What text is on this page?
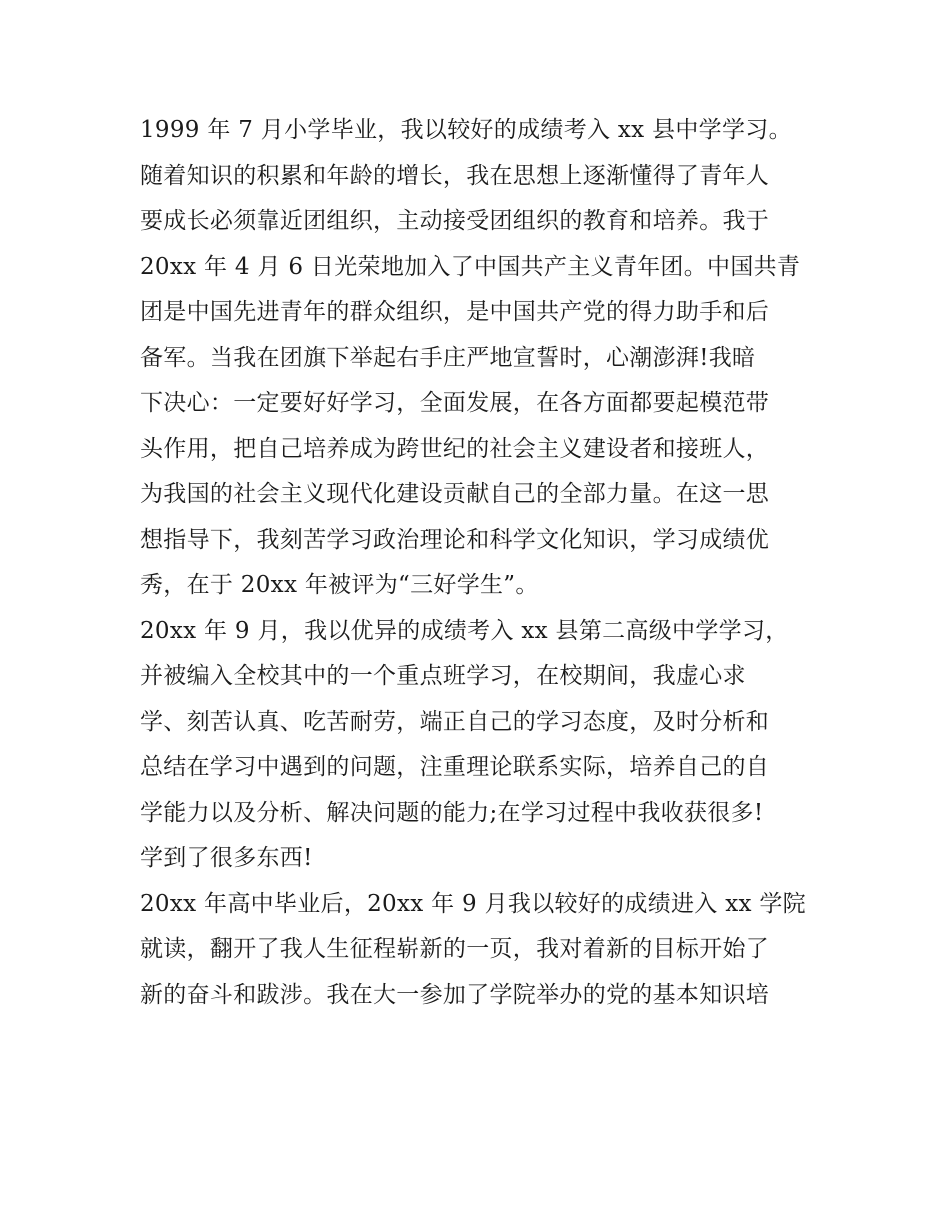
1999 年 7 月小学毕业，我以较好的成绩考入 xx 县中学学习。
随着知识的积累和年龄的增长，我在思想上逐渐懂得了青年人
要成长必须靠近团组织，主动接受团组织的教育和培养。我于
20xx 年 4 月 6 日光荣地加入了中国共产主义青年团。中国共青
团是中国先进青年的群众组织，是中国共产党的得力助手和后
备军。当我在团旗下举起右手庄严地宣誓时，心潮澎湃!我暗
下决心：一定要好好学习，全面发展，在各方面都要起模范带
头作用，把自己培养成为跨世纪的社会主义建设者和接班人，
为我国的社会主义现代化建设贡献自己的全部力量。在这一思
想指导下，我刻苦学习政治理论和科学文化知识，学习成绩优
秀，在于 20xx 年被评为“三好学生”。
20xx 年 9 月，我以优异的成绩考入 xx 县第二高级中学学习，
并被编入全校其中的一个重点班学习，在校期间，我虚心求
学、刻苦认真、吃苦耐劳，端正自己的学习态度，及时分析和
总结在学习中遇到的问题，注重理论联系实际，培养自己的自
学能力以及分析、解决问题的能力;在学习过程中我收获很多!
学到了很多东西!
20xx 年高中毕业后，20xx 年 9 月我以较好的成绩进入 xx 学院
就读，翻开了我人生征程崭新的一页，我对着新的目标开始了
新的奋斗和跋涉。我在大一参加了学院举办的党的基本知识培
